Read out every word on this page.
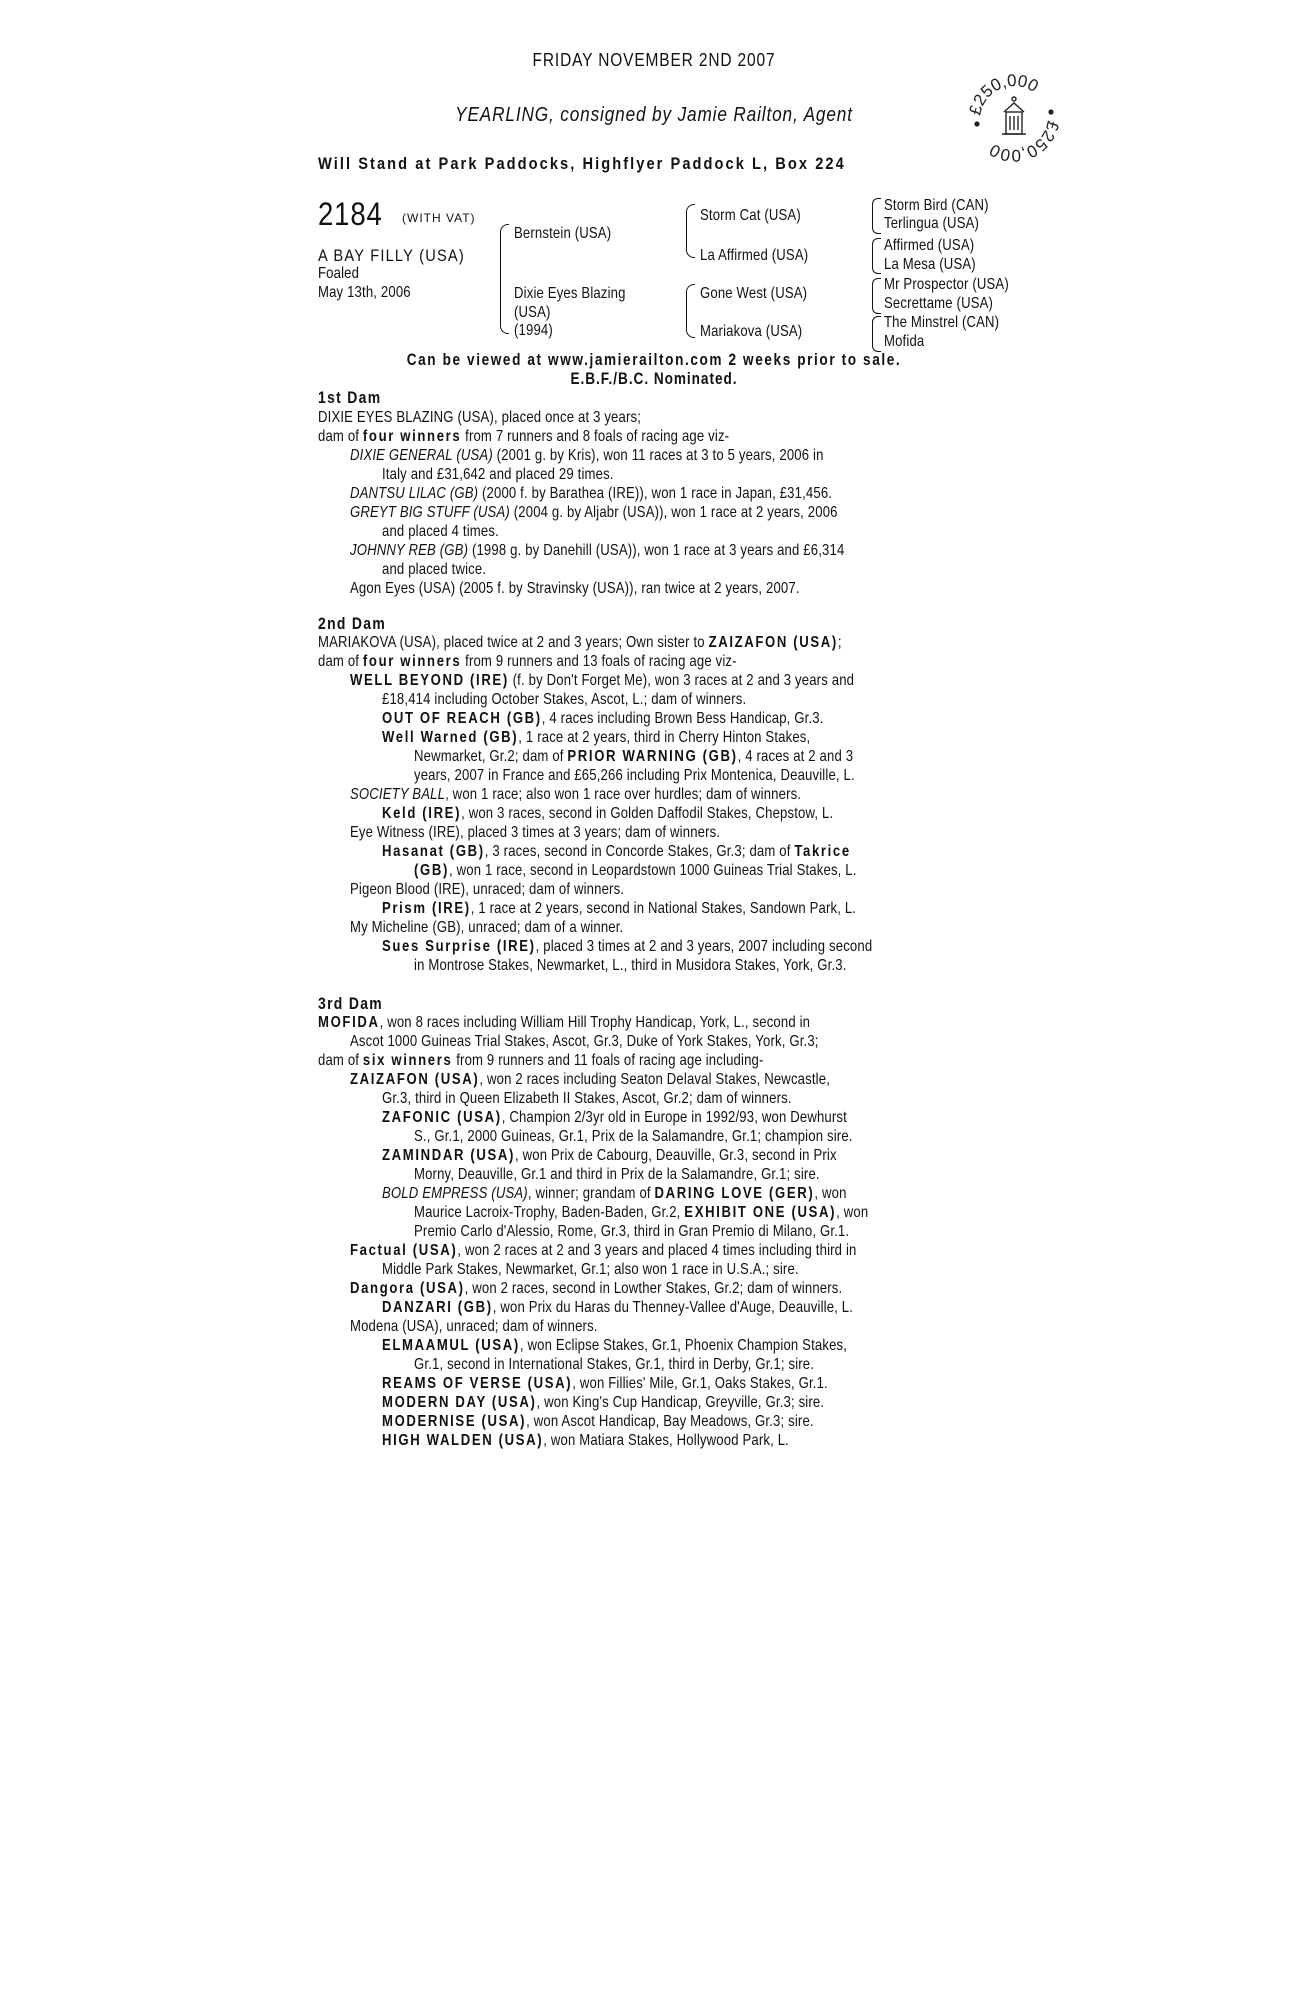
FRIDAY NOVEMBER 2ND 2007
YEARLING, consigned by Jamie Railton, Agent
Will Stand at Park Paddocks, Highflyer Paddock L, Box 224
250,000
250,000
2184 (WITH VAT)
A BAY FILLY (USA)
Foaled
May 13th, 2006
Bernstein (USA)
Dixie Eyes Blazing
(USA)
(1994)
Storm Cat (USA)
La Affirmed (USA)
Gone West (USA)
Mariakova (USA)
Storm Bird (CAN)
Terlingua (USA)
Affirmed (USA)
La Mesa (USA)
Mr Prospector (USA)
Secrettame (USA)
The Minstrel (CAN)
Mofida
Can be viewed at www.jamierailton.com 2 weeks prior to sale.
E.B.F./B.C. Nominated.
1st Dam
DIXIE EYES BLAZING (USA), placed once at 3 years;
dam of four winners from 7 runners and 8 foals of racing age viz-
DIXIE GENERAL (USA) (2001 g. by Kris), won 11 races at 3 to 5 years, 2006 in
Italy and £31,642 and placed 29 times.
DANTSU LILAC (GB) (2000 f. by Barathea (IRE)), won 1 race in Japan, £31,456.
GREYT BIG STUFF (USA) (2004 g. by Aljabr (USA)), won 1 race at 2 years, 2006
and placed 4 times.
JOHNNY REB (GB) (1998 g. by Danehill (USA)), won 1 race at 3 years and £6,314
and placed twice.
Agon Eyes (USA) (2005 f. by Stravinsky (USA)), ran twice at 2 years, 2007.
2nd Dam
MARIAKOVA (USA), placed twice at 2 and 3 years; Own sister to ZAIZAFON (USA);
dam of four winners from 9 runners and 13 foals of racing age viz-
WELL BEYOND (IRE) (f. by Don't Forget Me), won 3 races at 2 and 3 years and
£18,414 including October Stakes, Ascot, L.; dam of winners.
OUT OF REACH (GB), 4 races including Brown Bess Handicap, Gr.3.
Well Warned (GB), 1 race at 2 years, third in Cherry Hinton Stakes,
Newmarket, Gr.2; dam of PRIOR WARNING (GB), 4 races at 2 and 3
years, 2007 in France and £65,266 including Prix Montenica, Deauville, L.
SOCIETY BALL, won 1 race; also won 1 race over hurdles; dam of winners.
Keld (IRE), won 3 races, second in Golden Daffodil Stakes, Chepstow, L.
Eye Witness (IRE), placed 3 times at 3 years; dam of winners.
Hasanat (GB), 3 races, second in Concorde Stakes, Gr.3; dam of Takrice
(GB), won 1 race, second in Leopardstown 1000 Guineas Trial Stakes, L.
Pigeon Blood (IRE), unraced; dam of winners.
Prism (IRE), 1 race at 2 years, second in National Stakes, Sandown Park, L.
My Micheline (GB), unraced; dam of a winner.
Sues Surprise (IRE), placed 3 times at 2 and 3 years, 2007 including second
in Montrose Stakes, Newmarket, L., third in Musidora Stakes, York, Gr.3.
3rd Dam
MOFIDA, won 8 races including William Hill Trophy Handicap, York, L., second in
Ascot 1000 Guineas Trial Stakes, Ascot, Gr.3, Duke of York Stakes, York, Gr.3;
dam of six winners from 9 runners and 11 foals of racing age including-
ZAIZAFON (USA), won 2 races including Seaton Delaval Stakes, Newcastle,
Gr.3, third in Queen Elizabeth II Stakes, Ascot, Gr.2; dam of winners.
ZAFONIC (USA), Champion 2/3yr old in Europe in 1992/93, won Dewhurst
S., Gr.1, 2000 Guineas, Gr.1, Prix de la Salamandre, Gr.1; champion sire.
ZAMINDAR (USA), won Prix de Cabourg, Deauville, Gr.3, second in Prix
Morny, Deauville, Gr.1 and third in Prix de la Salamandre, Gr.1; sire.
BOLD EMPRESS (USA), winner; grandam of DARING LOVE (GER), won
Maurice Lacroix-Trophy, Baden-Baden, Gr.2, EXHIBIT ONE (USA), won
Premio Carlo d'Alessio, Rome, Gr.3, third in Gran Premio di Milano, Gr.1.
Factual (USA), won 2 races at 2 and 3 years and placed 4 times including third in
Middle Park Stakes, Newmarket, Gr.1; also won 1 race in U.S.A.; sire.
Dangora (USA), won 2 races, second in Lowther Stakes, Gr.2; dam of winners.
DANZARI (GB), won Prix du Haras du Thenney-Vallee d'Auge, Deauville, L.
Modena (USA), unraced; dam of winners.
ELMAAMUL (USA), won Eclipse Stakes, Gr.1, Phoenix Champion Stakes,
Gr.1, second in International Stakes, Gr.1, third in Derby, Gr.1; sire.
REAMS OF VERSE (USA), won Fillies' Mile, Gr.1, Oaks Stakes, Gr.1.
MODERN DAY (USA), won King's Cup Handicap, Greyville, Gr.3; sire.
MODERNISE (USA), won Ascot Handicap, Bay Meadows, Gr.3; sire.
HIGH WALDEN (USA), won Matiara Stakes, Hollywood Park, L.
